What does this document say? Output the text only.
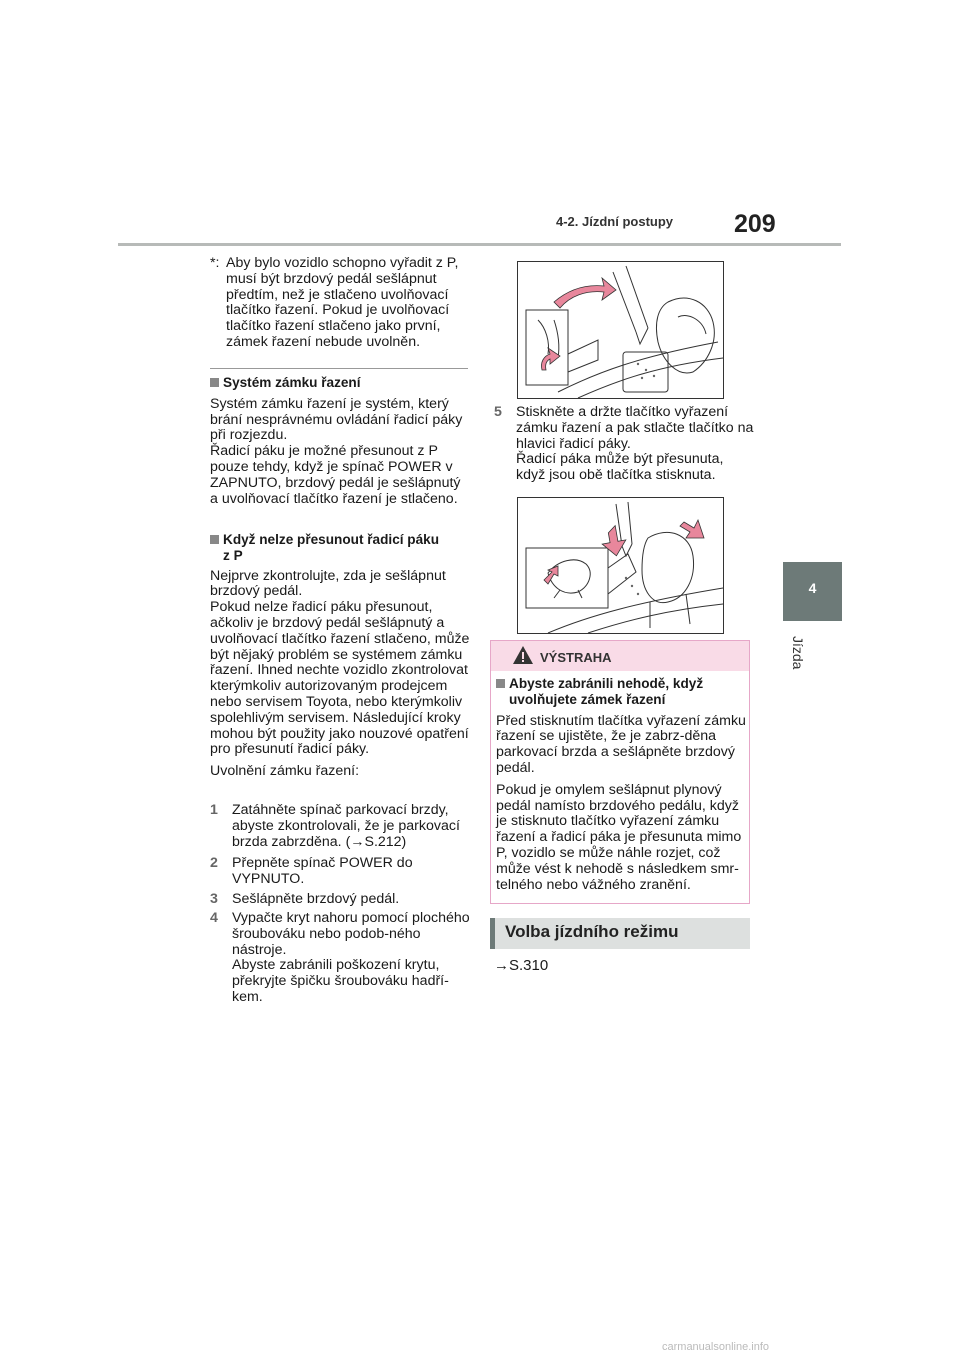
4-2. Jízdní postupy 209
4
Jízda
*: Aby bylo vozidlo schopno vyřadit z P, musí být brzdový pedál sešlápnut předtím, než je stlačeno uvolňovací tlačítko řazení. Pokud je uvolňovací tlačítko řazení stlačeno jako první, zámek řazení nebude uvolněn.
Systém zámku řazení
Systém zámku řazení je systém, který brání nesprávnému ovládání řadicí páky při rozjezdu.
Řadicí páku je možné přesunout z P pouze tehdy, když je spínač POWER v ZAPNUTO, brzdový pedál je sešlápnutý a uvolňovací tlačítko řazení je stlačeno.
Když nelze přesunout řadicí páku
z P
Nejprve zkontrolujte, zda je sešlápnut brzdový pedál.
Pokud nelze řadicí páku přesunout, ačkoliv je brzdový pedál sešlápnutý a uvolňovací tlačítko řazení stlačeno, může být nějaký problém se systémem zámku řazení. Ihned nechte vozidlo zkontrolovat kterýmkoliv autorizovaným prodejcem nebo servisem Toyota, nebo kterýmkoliv spolehlivým servisem. Následující kroky mohou být použity jako nouzové opatření pro přesunutí řadicí páky.
Uvolnění zámku řazení:
1 Zatáhněte spínač parkovací brzdy, abyste zkontrolovali, že je parkovací brzda zabrzděna. (→S.212)
2 Přepněte spínač POWER do VYPNUTO.
3 Sešlápněte brzdový pedál.
4 Vypačte kryt nahoru pomocí plochého šroubováku nebo podob-ného nástroje.
Abyste zabránili poškození krytu, překryjte špičku šroubováku hadří-kem.
5 Stiskněte a držte tlačítko vyřazení zámku řazení a pak stlačte tlačítko na hlavici řadicí páky.
Řadicí páka může být přesunuta, když jsou obě tlačítka stisknuta.
VÝSTRAHA
Abyste zabránili nehodě, když
uvolňujete zámek řazení
Před stisknutím tlačítka vyřazení zámku řazení se ujistěte, že je zabrz-děna parkovací brzda a sešlápněte brzdový pedál.
Pokud je omylem sešlápnut plynový pedál namísto brzdového pedálu, když je stisknuto tlačítko vyřazení zámku řazení a řadicí páka je přesunuta mimo P, vozidlo se může náhle rozjet, což může vést k nehodě s následkem smr-telného nebo vážného zranění.
Volba jízdního režimu
→S.310
carmanualsonline.info
